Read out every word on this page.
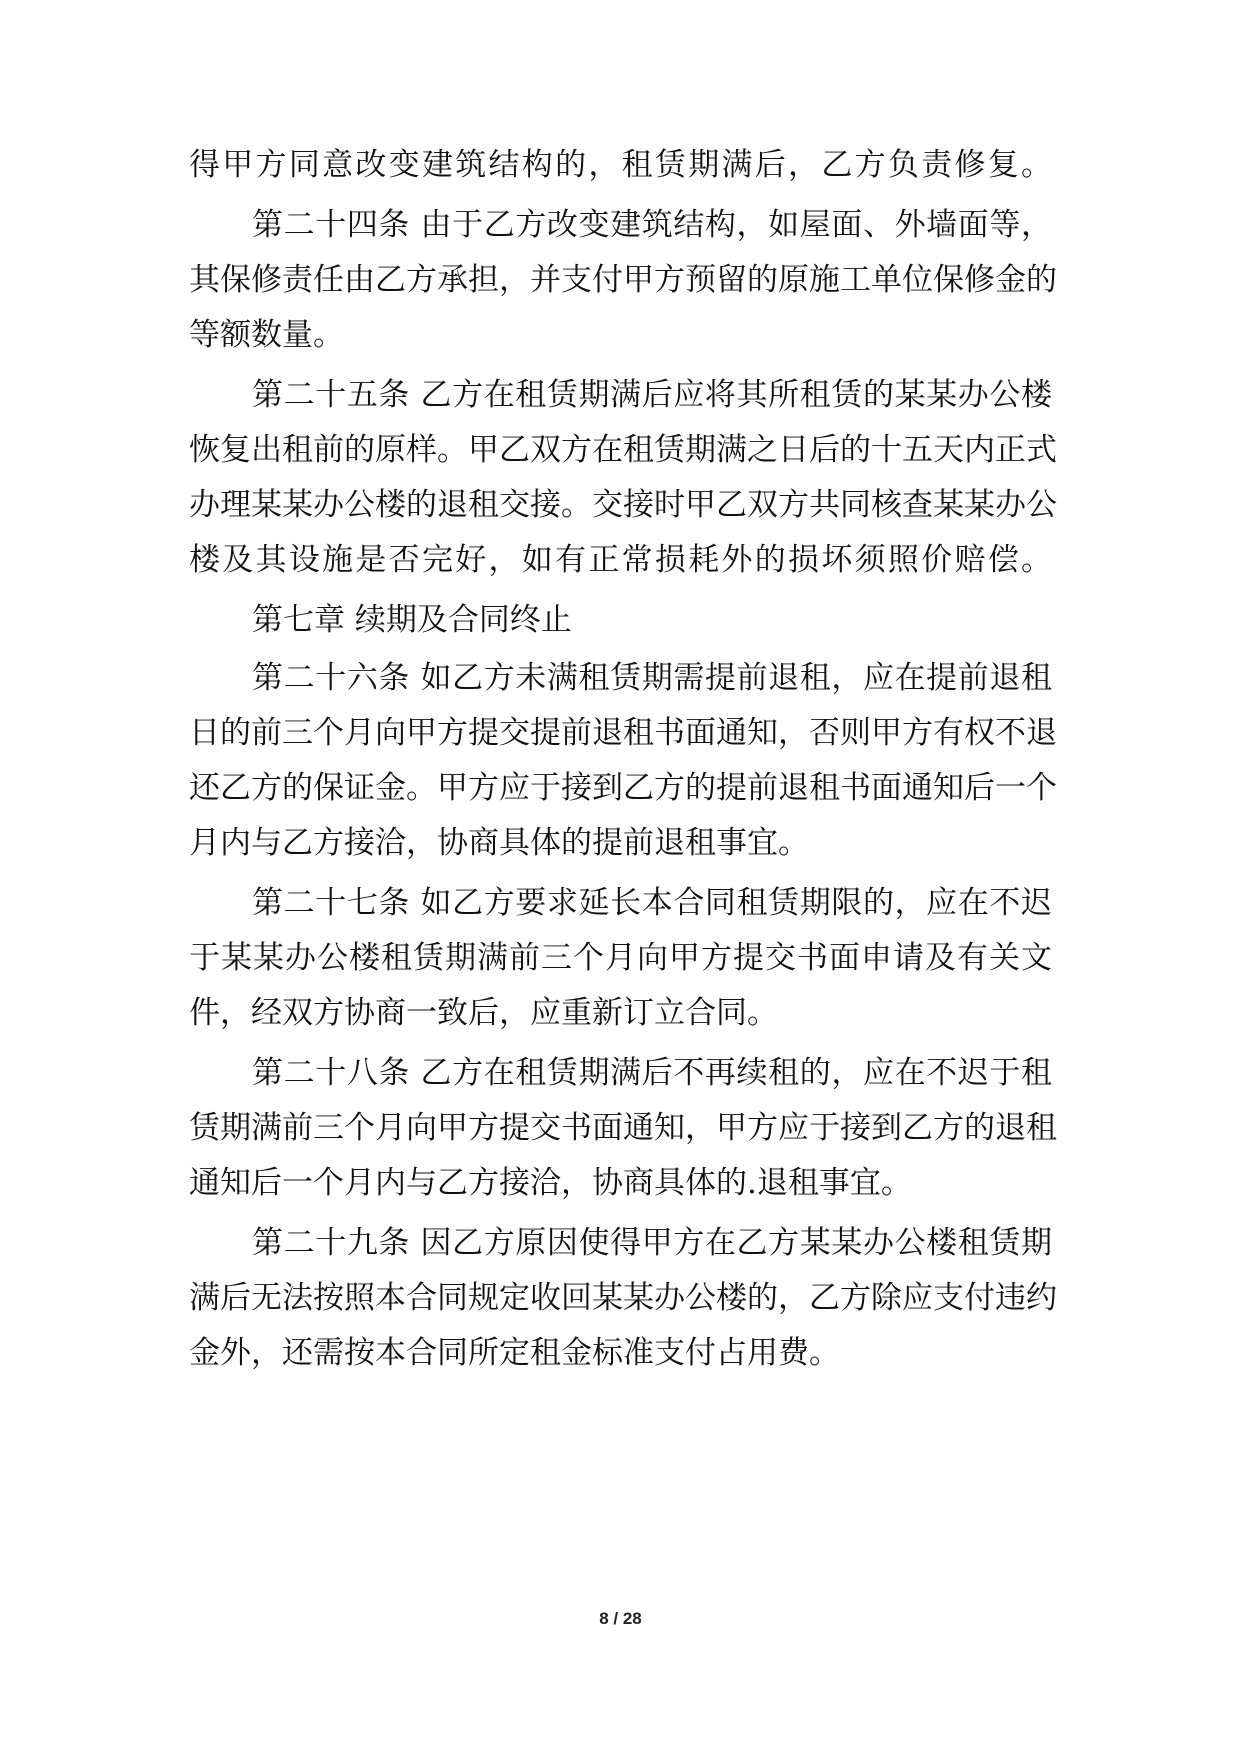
得甲方同意改变建筑结构的，租赁期满后，乙方负责修复。
第二十四条 由于乙方改变建筑结构，如屋面、外墙面等，
其保修责任由乙方承担，并支付甲方预留的原施工单位保修金的
等额数量。
第二十五条 乙方在租赁期满后应将其所租赁的某某办公楼
恢复出租前的原样。甲乙双方在租赁期满之日后的十五天内正式
办理某某办公楼的退租交接。交接时甲乙双方共同核查某某办公
楼及其设施是否完好，如有正常损耗外的损坏须照价赔偿。
第七章 续期及合同终止
第二十六条 如乙方未满租赁期需提前退租，应在提前退租
日的前三个月向甲方提交提前退租书面通知，否则甲方有权不退
还乙方的保证金。甲方应于接到乙方的提前退租书面通知后一个
月内与乙方接洽，协商具体的提前退租事宜。
第二十七条 如乙方要求延长本合同租赁期限的，应在不迟
于某某办公楼租赁期满前三个月向甲方提交书面申请及有关文
件，经双方协商一致后，应重新订立合同。
第二十八条 乙方在租赁期满后不再续租的，应在不迟于租
赁期满前三个月向甲方提交书面通知，甲方应于接到乙方的退租
通知后一个月内与乙方接洽，协商具体的.退租事宜。
第二十九条 因乙方原因使得甲方在乙方某某办公楼租赁期
满后无法按照本合同规定收回某某办公楼的，乙方除应支付违约
金外，还需按本合同所定租金标准支付占用费。
8 / 28
